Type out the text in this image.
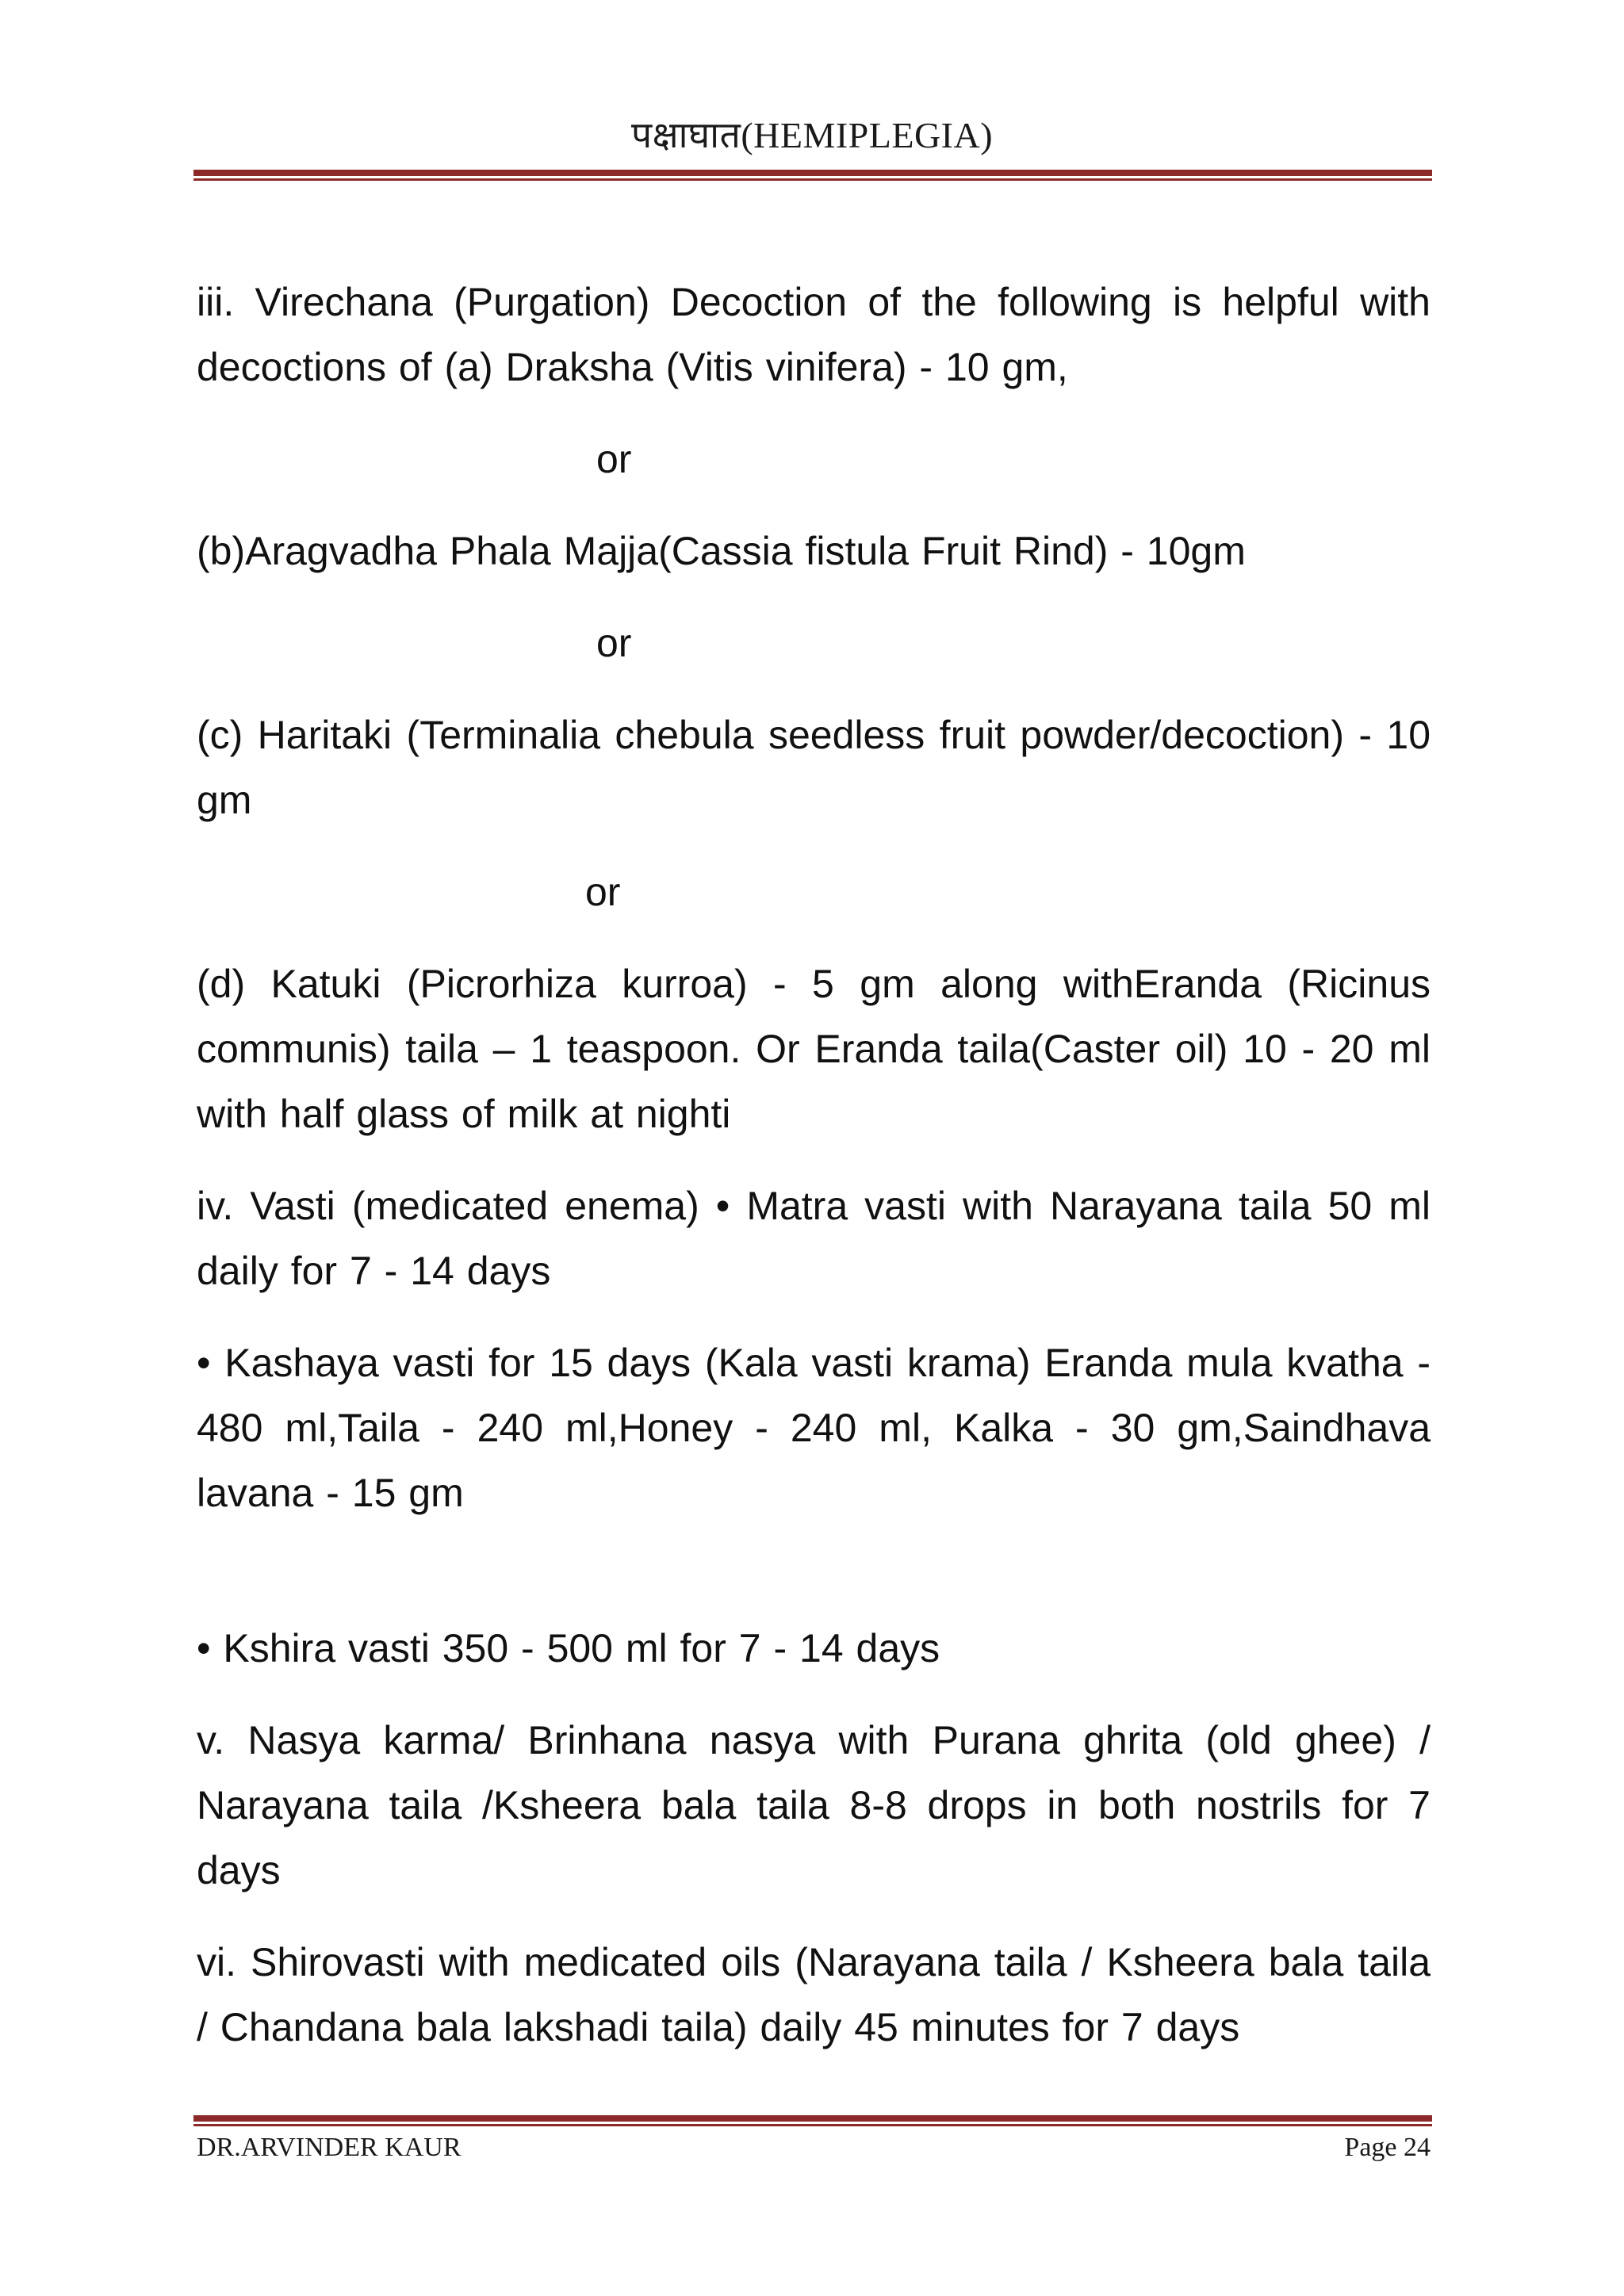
पक्षाघात(HEMIPLEGIA)

iii. Virechana (Purgation) Decoction of the following is helpful with decoctions of (a) Draksha (Vitis vinifera) - 10 gm,

or

(b)Aragvadha Phala Majja(Cassia fistula Fruit Rind) - 10gm

or

(c) Haritaki (Terminalia chebula seedless fruit powder/decoction) - 10 gm

or

(d) Katuki (Picrorhiza kurroa) - 5 gm along withEranda (Ricinus communis) taila – 1 teaspoon. Or Eranda taila(Caster oil) 10 - 20 ml with half glass of milk at nighti

iv. Vasti (medicated enema) • Matra vasti with Narayana taila 50 ml daily for 7 - 14 days

• Kashaya vasti for 15 days (Kala vasti krama) Eranda mula kvatha - 480 ml,Taila - 240 ml,Honey - 240 ml, Kalka - 30 gm,Saindhava lavana - 15 gm

• Kshira vasti 350 - 500 ml for 7 - 14 days

v. Nasya karma/ Brinhana nasya with Purana ghrita (old ghee) / Narayana taila /Ksheera bala taila 8-8 drops in both nostrils for 7 days

vi. Shirovasti with medicated oils (Narayana taila / Ksheera bala taila / Chandana bala lakshadi taila) daily 45 minutes for 7 days

DR.ARVINDER KAUR	Page 24
